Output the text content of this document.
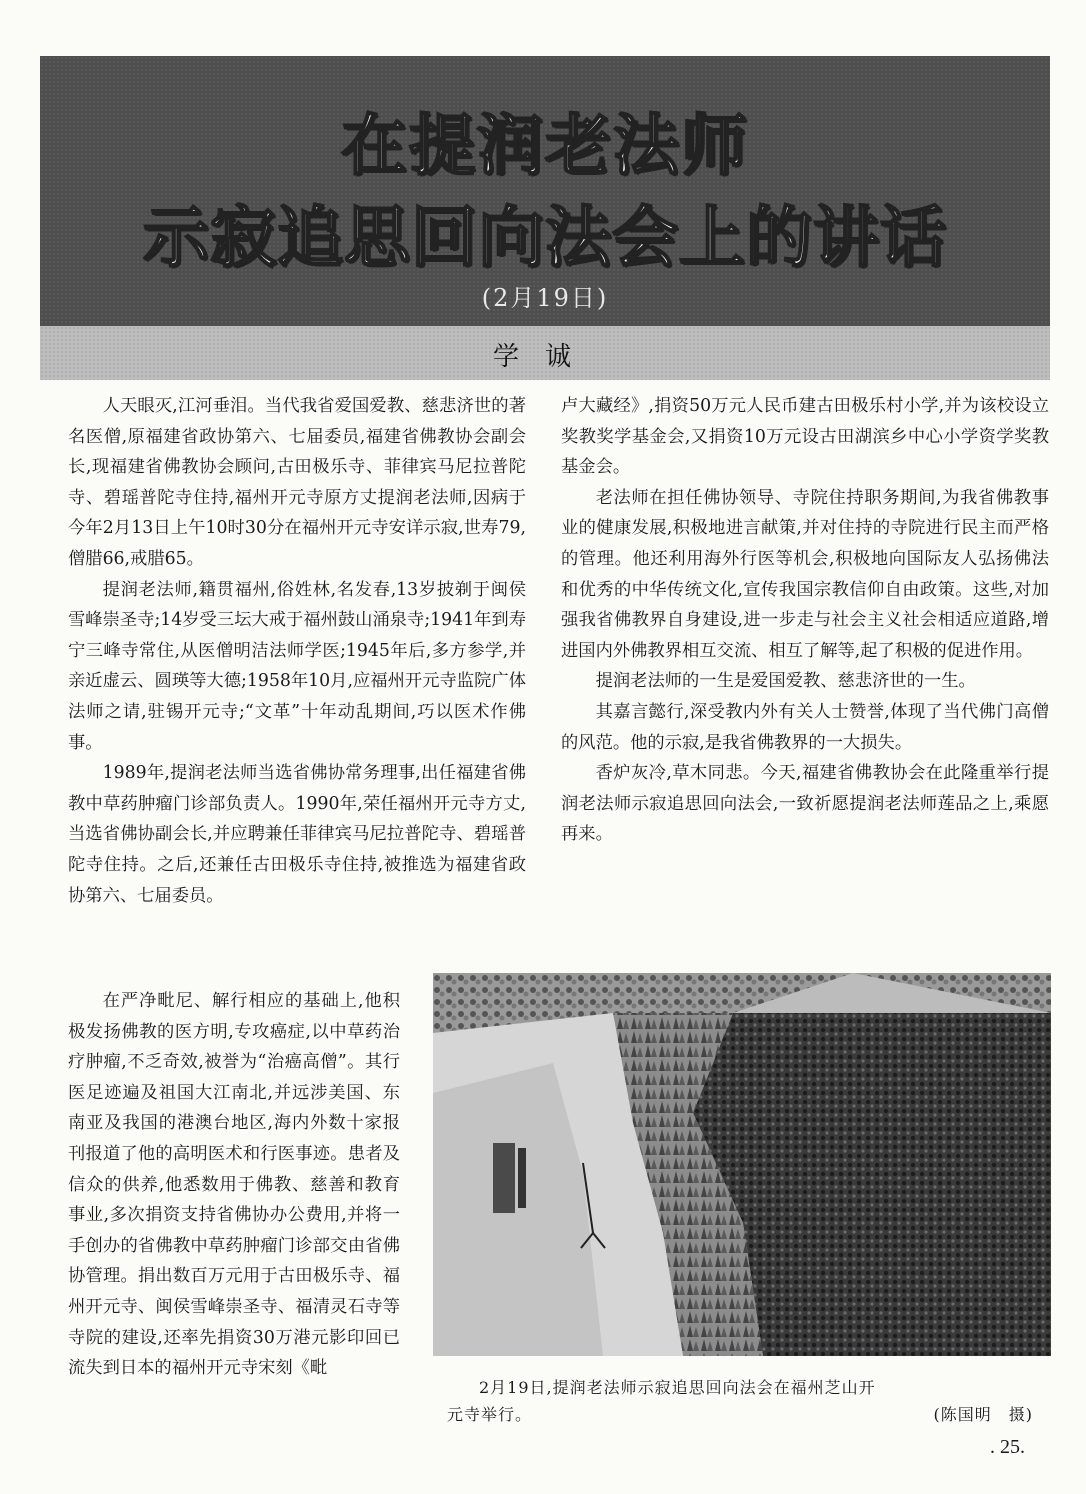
在提润老法师
示寂追思回向法会上的讲话
(2月19日)
学诚

人天眼灭,江河垂泪。当代我省爱国爱教、慈悲济世的著名医僧,原福建省政协第六、七届委员,福建省佛教协会副会长,现福建省佛教协会顾问,古田极乐寺、菲律宾马尼拉普陀寺、碧瑶普陀寺住持,福州开元寺原方丈提润老法师,因病于今年2月13日上午10时30分在福州开元寺安详示寂,世寿79,僧腊66,戒腊65。

提润老法师,籍贯福州,俗姓林,名发春,13岁披剃于闽侯雪峰崇圣寺;14岁受三坛大戒于福州鼓山涌泉寺;1941年到寿宁三峰寺常住,从医僧明洁法师学医;1945年后,多方参学,并亲近虚云、圆瑛等大德;1958年10月,应福州开元寺监院广体法师之请,驻锡开元寺;“文革”十年动乱期间,巧以医术作佛事。

1989年,提润老法师当选省佛协常务理事,出任福建省佛教中草药肿瘤门诊部负责人。1990年,荣任福州开元寺方丈,当选省佛协副会长,并应聘兼任菲律宾马尼拉普陀寺、碧瑶普陀寺住持。之后,还兼任古田极乐寺住持,被推选为福建省政协第六、七届委员。

在严净毗尼、解行相应的基础上,他积极发扬佛教的医方明,专攻癌症,以中草药治疗肿瘤,不乏奇效,被誉为“治癌高僧”。其行医足迹遍及祖国大江南北,并远涉美国、东南亚及我国的港澳台地区,海内外数十家报刊报道了他的高明医术和行医事迹。患者及信众的供养,他悉数用于佛教、慈善和教育事业,多次捐资支持省佛协办公费用,并将一手创办的省佛教中草药肿瘤门诊部交由省佛协管理。捐出数百万元用于古田极乐寺、福州开元寺、闽侯雪峰崇圣寺、福清灵石寺等寺院的建设,还率先捐资30万港元影印回已流失到日本的福州开元寺宋刻《毗

卢大藏经》,捐资50万元人民币建古田极乐村小学,并为该校设立奖教奖学基金会,又捐资10万元设古田湖滨乡中心小学资学奖教基金会。

老法师在担任佛协领导、寺院住持职务期间,为我省佛教事业的健康发展,积极地进言献策,并对住持的寺院进行民主而严格的管理。他还利用海外行医等机会,积极地向国际友人弘扬佛法和优秀的中华传统文化,宣传我国宗教信仰自由政策。这些,对加强我省佛教界自身建设,进一步走与社会主义社会相适应道路,增进国内外佛教界相互交流、相互了解等,起了积极的促进作用。

提润老法师的一生是爱国爱教、慈悲济世的一生。

其嘉言懿行,深受教内外有关人士赞誉,体现了当代佛门高僧的风范。他的示寂,是我省佛教界的一大损失。

香炉灰冷,草木同悲。今天,福建省佛教协会在此隆重举行提润老法师示寂追思回向法会,一致祈愿提润老法师莲品之上,乘愿再来。

2月19日,提润老法师示寂追思回向法会在福州芝山开
元寺举行。	(陈国明　摄)
. 25.
